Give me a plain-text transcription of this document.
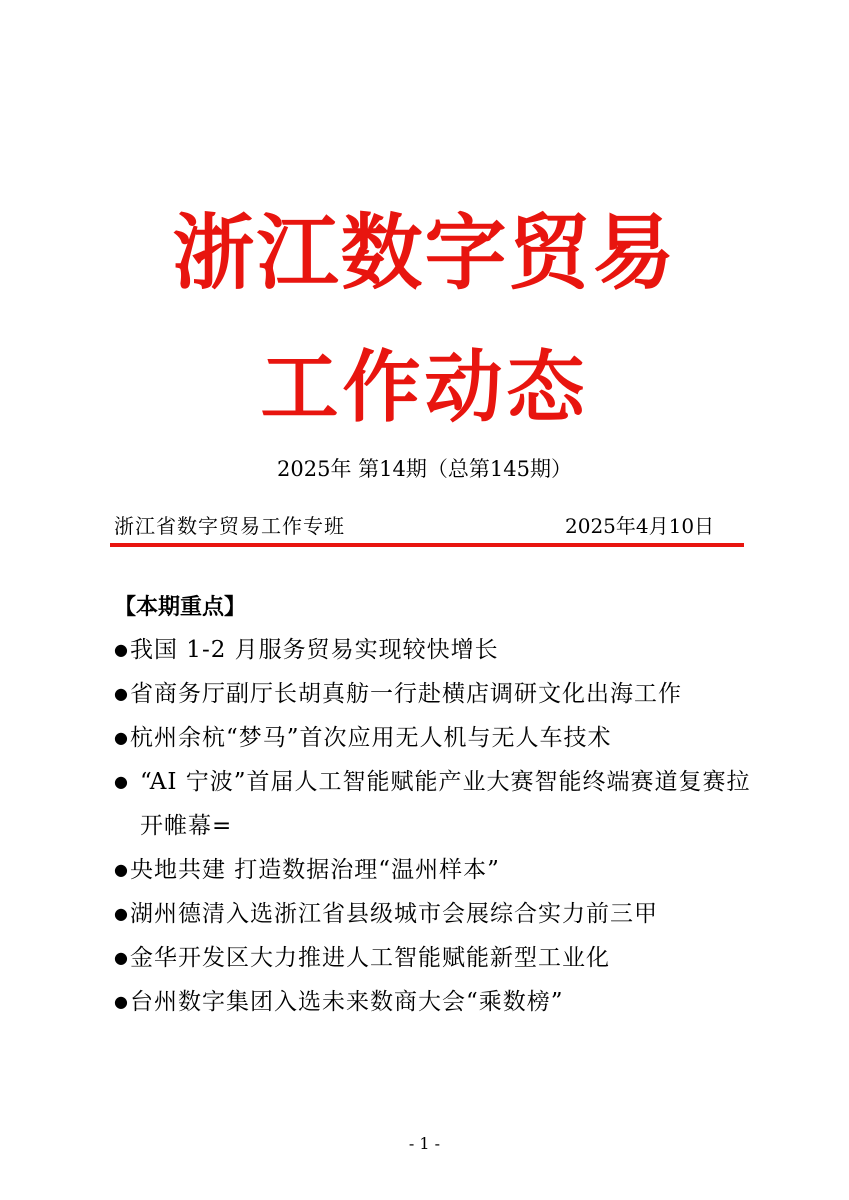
浙江数字贸易
工作动态
2025年 第14期（总第145期）
浙江省数字贸易工作专班	2025年4月10日
【本期重点】
● 我国 1-2 月服务贸易实现较快增长
● 省商务厅副厅长胡真舫一行赴横店调研文化出海工作
● 杭州余杭“梦马”首次应用无人机与无人车技术
● “AI 宁波”首届人工智能赋能产业大赛智能终端赛道复赛拉开帷幕=
● 央地共建 打造数据治理“温州样本”
● 湖州德清入选浙江省县级城市会展综合实力前三甲
● 金华开发区大力推进人工智能赋能新型工业化
● 台州数字集团入选未来数商大会“乘数榜”
- 1 -
